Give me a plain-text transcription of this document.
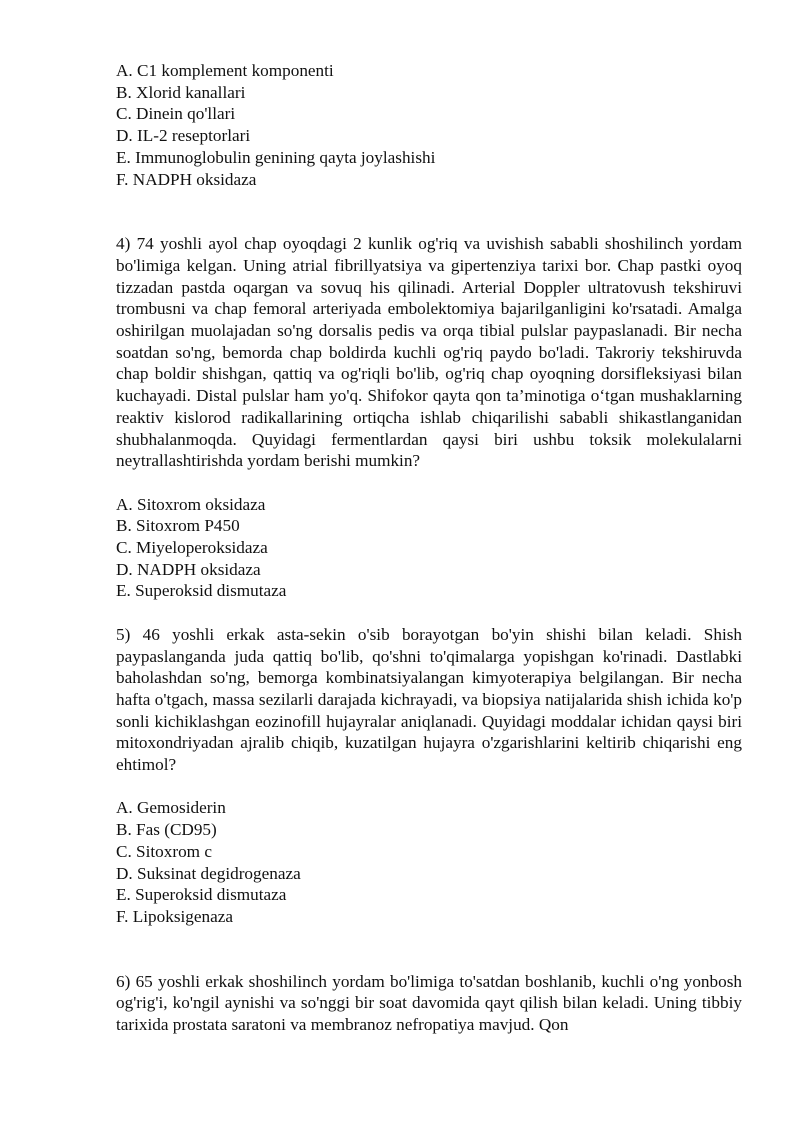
A. C1 komplement komponenti
B. Xlorid kanallari
C. Dinein qo'llari
D. IL-2 reseptorlari
E. Immunoglobulin genining qayta joylashishi
F. NADPH oksidaza

4) 74 yoshli ayol chap oyoqdagi 2 kunlik og'riq va uvishish sababli shoshilinch yordam bo'limiga kelgan. Uning atrial fibrillyatsiya va gipertenziya tarixi bor. Chap pastki oyoq tizzadan pastda oqargan va sovuq his qilinadi. Arterial Doppler ultratovush tekshiruvi trombusni va chap femoral arteriyada embolektomiya bajarilganligini ko'rsatadi. Amalga oshirilgan muolajadan so'ng dorsalis pedis va orqa tibial pulslar paypaslanadi. Bir necha soatdan so'ng, bemorda chap boldirda kuchli og'riq paydo bo'ladi. Takroriy tekshiruvda chap boldir shishgan, qattiq va og'riqli bo'lib, og'riq chap oyoqning dorsifleksiyasi bilan kuchayadi. Distal pulslar ham yo'q. Shifokor qayta qon ta’minotiga o‘tgan mushaklarning reaktiv kislorod radikallarining ortiqcha ishlab chiqarilishi sababli shikastlanganidan shubhalanmoqda. Quyidagi fermentlardan qaysi biri ushbu toksik molekulalarni neytrallashtirishda yordam berishi mumkin?

A. Sitoxrom oksidaza
B. Sitoxrom P450
C. Miyeloperoksidaza
D. NADPH oksidaza
E. Superoksid dismutaza

5) 46 yoshli erkak asta-sekin o'sib borayotgan bo'yin shishi bilan keladi. Shish paypaslanganda juda qattiq bo'lib, qo'shni to'qimalarga yopishgan ko'rinadi. Dastlabki baholashdan so'ng, bemorga kombinatsiyalangan kimyoterapiya belgilangan. Bir necha hafta o'tgach, massa sezilarli darajada kichrayadi, va biopsiya natijalarida shish ichida ko'p sonli kichiklashgan eozinofill hujayralar aniqlanadi. Quyidagi moddalar ichidan qaysi biri mitoxondriyadan ajralib chiqib, kuzatilgan hujayra o'zgarishlarini keltirib chiqarishi eng ehtimol?

A. Gemosiderin
B. Fas (CD95)
C. Sitoxrom c
D. Suksinat degidrogenaza
E. Superoksid dismutaza
F. Lipoksigenaza

6) 65 yoshli erkak shoshilinch yordam bo'limiga to'satdan boshlanib, kuchli o'ng yonbosh og'rig'i, ko'ngil aynishi va so'nggi bir soat davomida qayt qilish bilan keladi. Uning tibbiy tarixida prostata saratoni va membranoz nefropatiya mavjud. Qon
